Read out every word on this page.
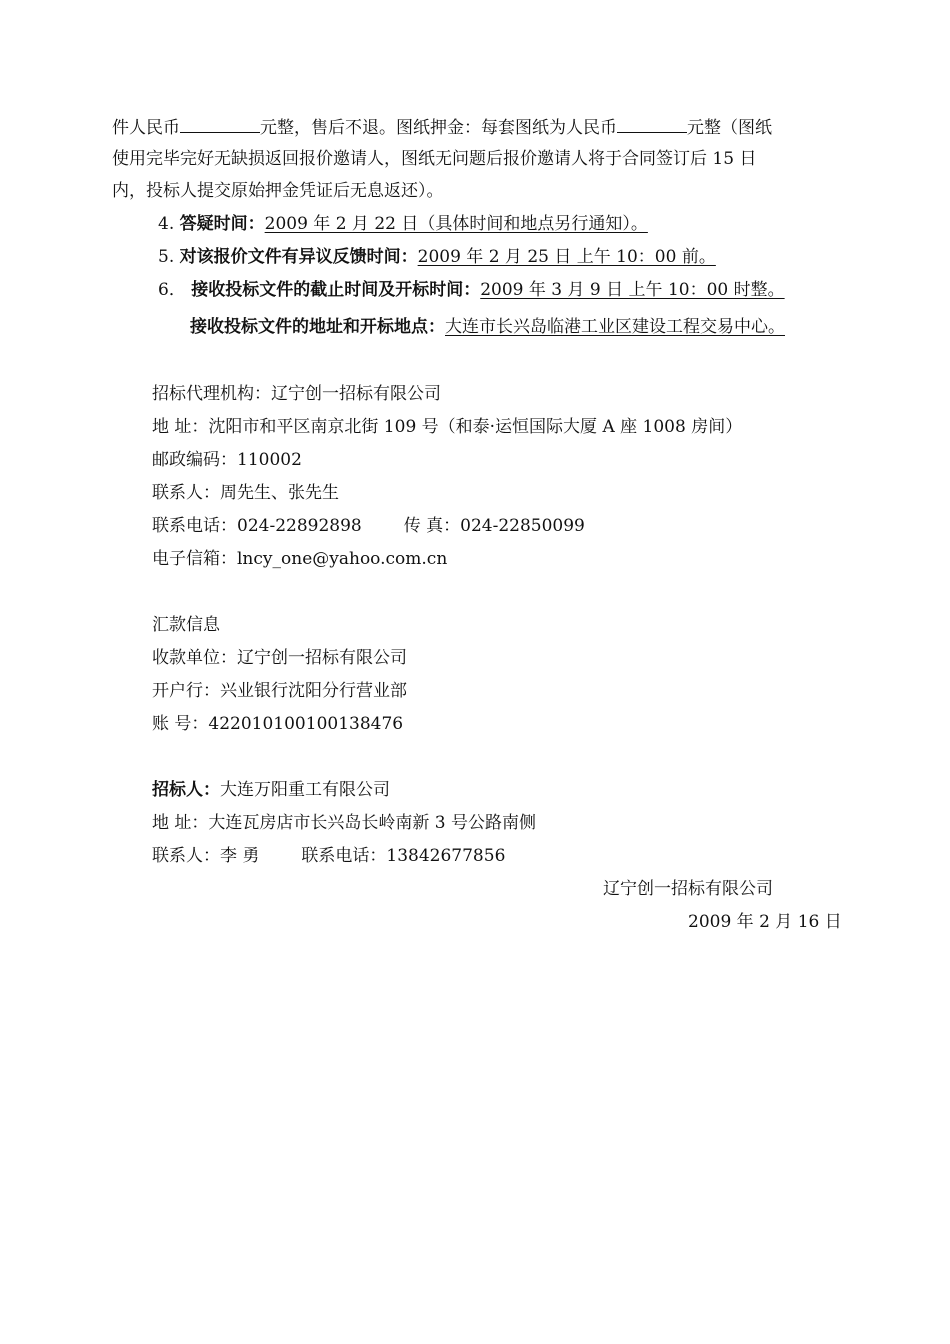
件人民币	元整，售后不退。图纸押金：每套图纸为人民币	元整（图纸
使用完毕完好无缺损返回报价邀请人，图纸无问题后报价邀请人将于合同签订后 15 日
内，投标人提交原始押金凭证后无息返还）。
4. 答疑时间：2009 年 2 月 22 日（具体时间和地点另行通知）。
5. 对该报价文件有异议反馈时间：2009 年 2 月 25 日 上午 10：00 前。
6． 接收投标文件的截止时间及开标时间：2009 年 3 月 9 日 上午 10：00 时整。
接收投标文件的地址和开标地点：大连市长兴岛临港工业区建设工程交易中心。
招标代理机构：辽宁创一招标有限公司
地 址：沈阳市和平区南京北街 109 号（和泰·运恒国际大厦 A 座 1008 房间）
邮政编码：110002
联系人：周先生、张先生
联系电话：024-22892898 传 真：024-22850099
电子信箱：lncy_one@yahoo.com.cn
汇款信息
收款单位：辽宁创一招标有限公司
开户行：兴业银行沈阳分行营业部
账 号：422010100100138476
招标人：大连万阳重工有限公司
地 址：大连瓦房店市长兴岛长岭南新 3 号公路南侧
联系人：李 勇 联系电话：13842677856
辽宁创一招标有限公司
2009 年 2 月 16 日
